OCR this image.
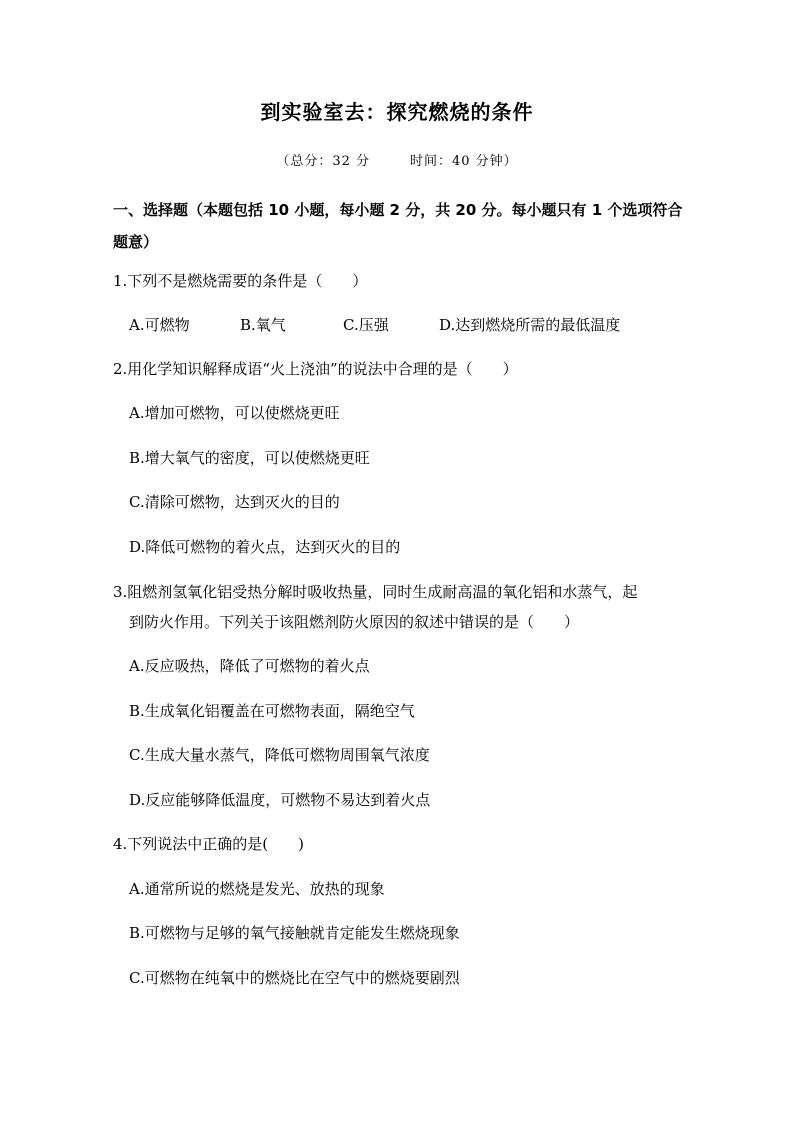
到实验室去：探究燃烧的条件
（总分：32 分	时间：40 分钟）
一、选择题（本题包括 10 小题，每小题 2 分，共 20 分。每小题只有 1 个选项符合题意）
1.下列不是燃烧需要的条件是（　　）
A.可燃物	B.氧气	C.压强	D.达到燃烧所需的最低温度
2.用化学知识解释成语“火上浇油”的说法中合理的是（　　）
A.增加可燃物，可以使燃烧更旺
B.增大氧气的密度，可以使燃烧更旺
C.清除可燃物，达到灭火的目的
D.降低可燃物的着火点，达到灭火的目的
3.阻燃剂氢氧化铝受热分解时吸收热量，同时生成耐高温的氧化铝和水蒸气，起
到防火作用。下列关于该阻燃剂防火原因的叙述中错误的是（　　）
A.反应吸热，降低了可燃物的着火点
B.生成氧化铝覆盖在可燃物表面，隔绝空气
C.生成大量水蒸气，降低可燃物周围氧气浓度
D.反应能够降低温度，可燃物不易达到着火点
4.下列说法中正确的是(　　)
A.通常所说的燃烧是发光、放热的现象
B.可燃物与足够的氧气接触就肯定能发生燃烧现象
C.可燃物在纯氧中的燃烧比在空气中的燃烧要剧烈
